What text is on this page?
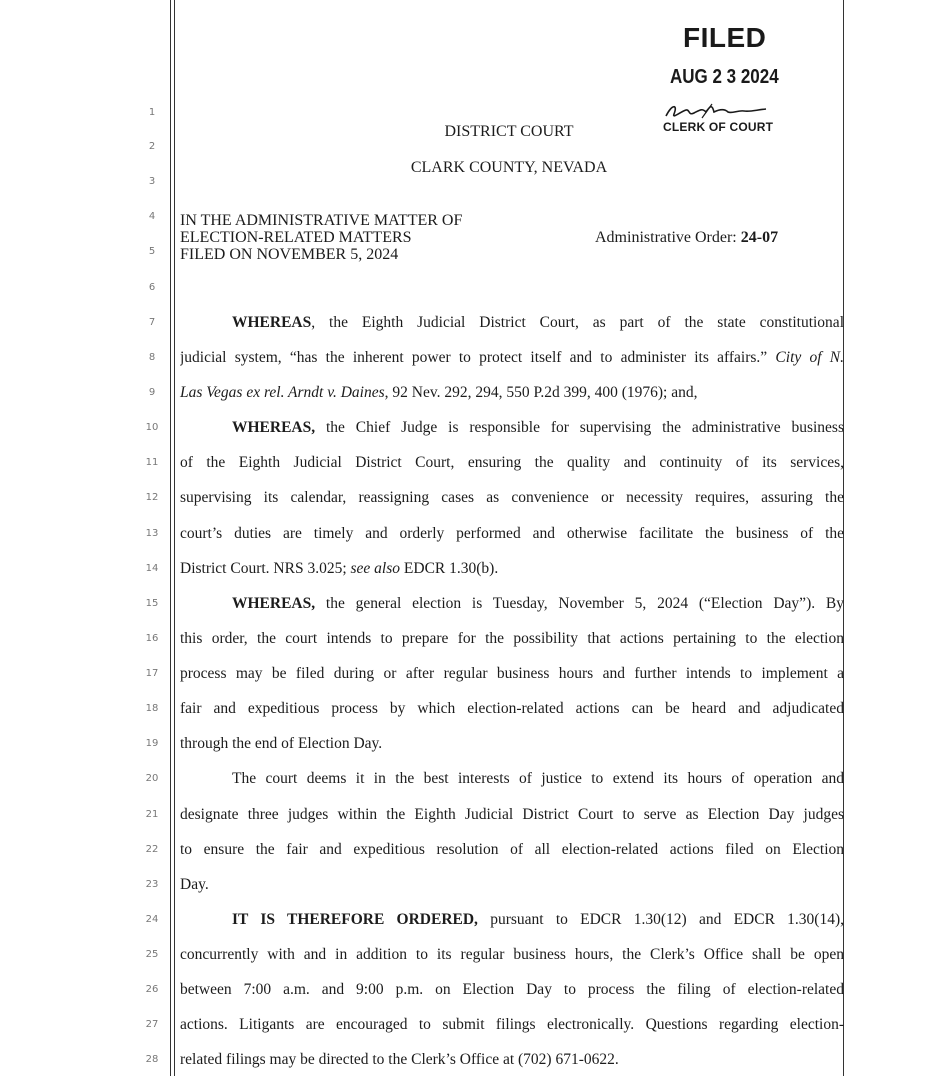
1
2
3
4
5
6
7
8
9
10
11
12
13
14
15
16
17
18
19
20
21
22
23
24
25
26
27
28
FILED
AUG 2 3 2024
CLERK OF COURT
DISTRICT COURT
CLARK COUNTY, NEVADA
IN THE ADMINISTRATIVE MATTER OF
ELECTION-RELATED MATTERS
FILED ON NOVEMBER 5, 2024
Administrative Order: 24-07
WHEREAS, the Eighth Judicial District Court, as part of the state constitutional
judicial system, “has the inherent power to protect itself and to administer its affairs.” City of N.
Las Vegas ex rel. Arndt v. Daines, 92 Nev. 292, 294, 550 P.2d 399, 400 (1976); and,
WHEREAS, the Chief Judge is responsible for supervising the administrative business
of the Eighth Judicial District Court, ensuring the quality and continuity of its services,
supervising its calendar, reassigning cases as convenience or necessity requires, assuring the
court’s duties are timely and orderly performed and otherwise facilitate the business of the
District Court. NRS 3.025; see also EDCR 1.30(b).
WHEREAS, the general election is Tuesday, November 5, 2024 (“Election Day”). By
this order, the court intends to prepare for the possibility that actions pertaining to the election
process may be filed during or after regular business hours and further intends to implement a
fair and expeditious process by which election-related actions can be heard and adjudicated
through the end of Election Day.
The court deems it in the best interests of justice to extend its hours of operation and
designate three judges within the Eighth Judicial District Court to serve as Election Day judges
to ensure the fair and expeditious resolution of all election-related actions filed on Election
Day.
IT IS THEREFORE ORDERED, pursuant to EDCR 1.30(12) and EDCR 1.30(14),
concurrently with and in addition to its regular business hours, the Clerk’s Office shall be open
between 7:00 a.m. and 9:00 p.m. on Election Day to process the filing of election-related
actions. Litigants are encouraged to submit filings electronically. Questions regarding election-
related filings may be directed to the Clerk’s Office at (702) 671-0622.
